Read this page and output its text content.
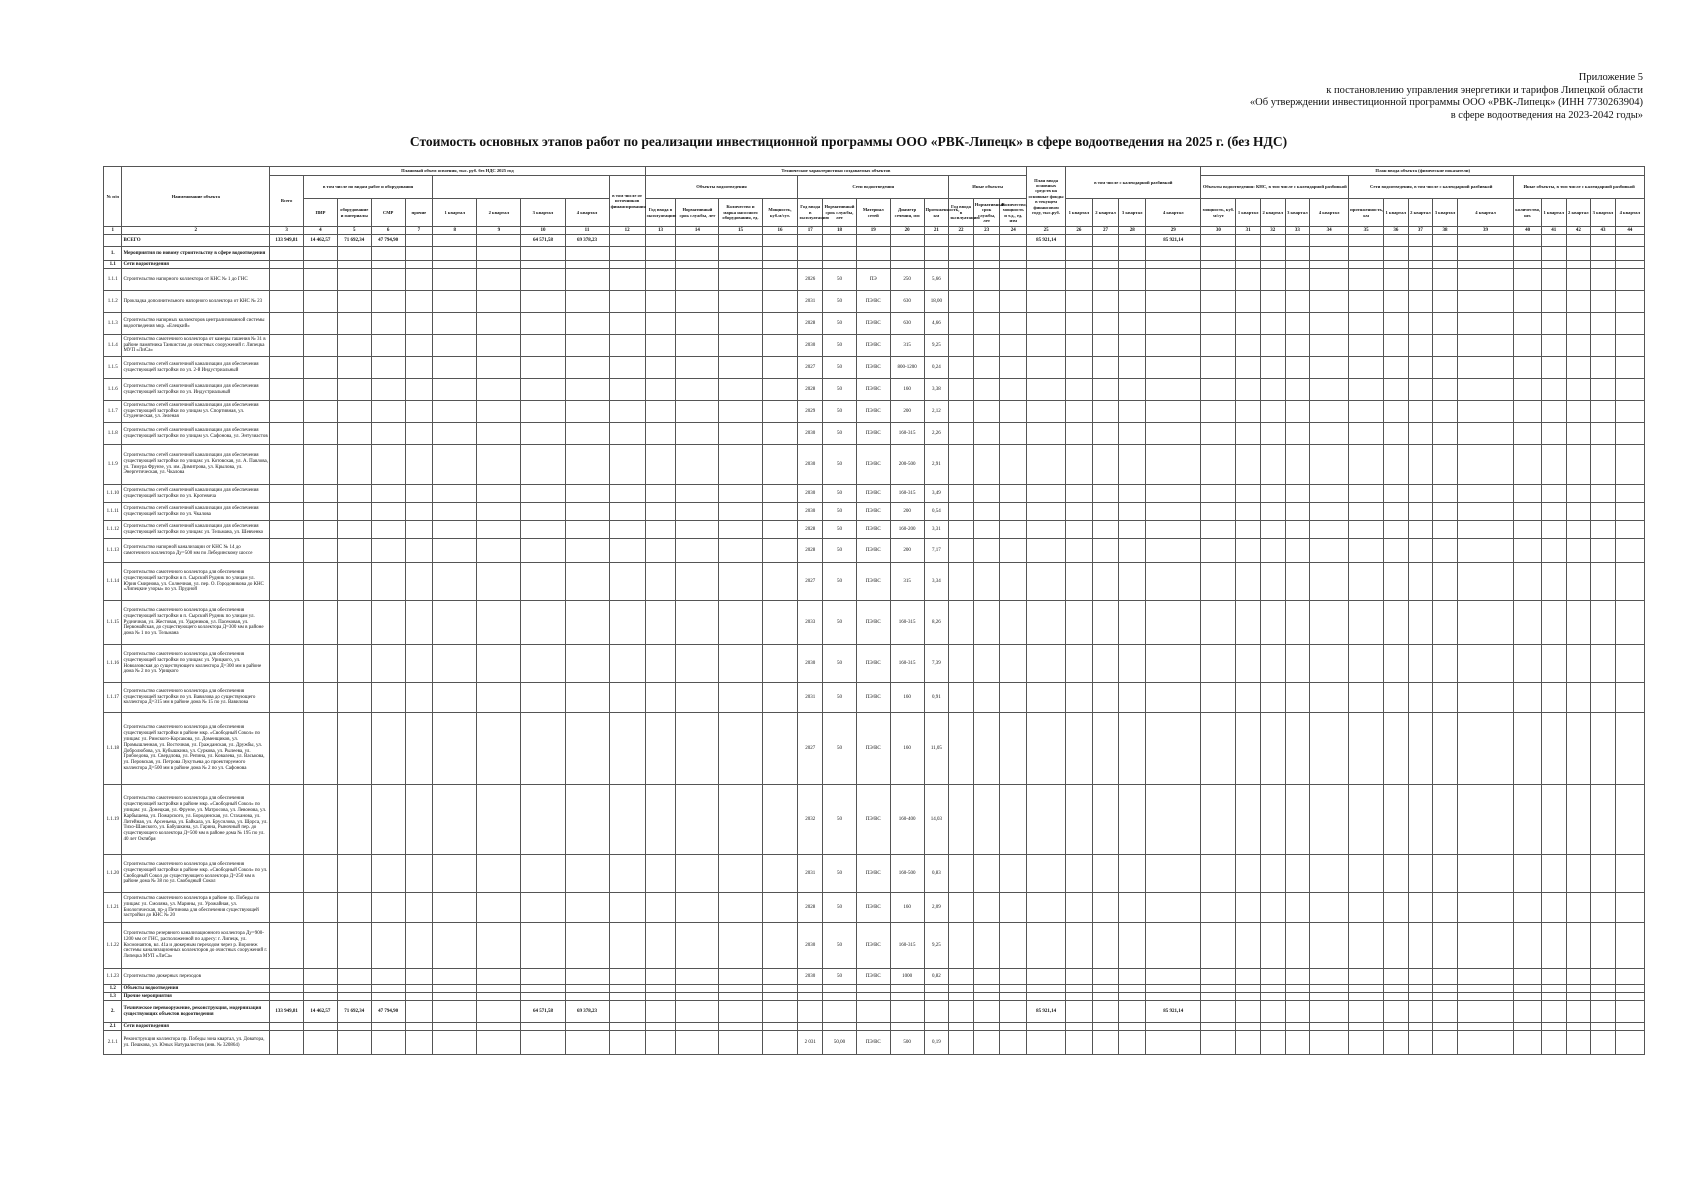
Приложение 5
к постановлению управления энергетики и тарифов Липецкой области
«Об утверждении инвестиционной программы ООО «РВК-Липецк» (ИНН 7730263904)
в сфере водоотведения на 2023-2042 годы»
Стоимость основных этапов работ по реализации инвестиционной программы ООО «РВК-Липецк» в сфере водоотведения на 2025 г. (без НДС)
№ п/п	Наименование объекта	Плановый объем освоения, тыс. руб. без НДС 2025 год										Технические характеристики создаваемых объектов												План ввода основных средств на основные фонды в текущем финансовом году, тыс.руб.	в том числе с календарной разбивкой				План ввода объекта (физические показатели)														
		Всего	в том числе по видам работ и оборудования								в том числе от источников финансирования	Объекты водоотведения				Сети водоотведения					Иные объекты								Объекты водоотведения: КНС, в том числе с календарной разбивкой					Сети водоотведения, в том числе с календарной разбивкой					Иные объекты, в том числе с календарной разбивкой				
			ПИР	оборудование и материалы	СМР	прочие	1 квартал	2 квартал	3 квартал	4 квартал		Год ввода в эксплуатацию	Нормативный срок службы, лет	Количество и марка насосного оборудования, ед.	Мощность, куб.м/сут.	Год ввода в эксплуатацию	Нормативный срок службы, лет	Материал сетей	Диаметр сечения, мм	Протяженность, км	Год ввода в эксплуатацию	Нормативный срок службы, лет	Количество, мощность и т.д., ед. изм		1 квартал	2 квартал	3 квартал	4 квартал	мощность, куб. м/сут	1 квартал	2 квартал	3 квартал	4 квартал	протяженность, км	1 квартал	2 квартал	3 квартал	4 квартал	количество, шт.	1 квартал	2 квартал	3 квартал	4 квартал
1	2	3	4	5	6	7	8	9	10	11	12	13	14	15	16	17	18	19	20	21	22	23	24	25	26	27	28	29	30	31	32	33	34	35	36	37	38	39	40	41	42	43	44
	ВСЕГО	133 949,81	14 462,57	71 692,34	47 794,90				64 571,58	69 378,23														85 921,14				85 921,14															
1.	Мероприятия по новому строительству в сфере водоотведения																																										
1.1	Сети водоотведения																																										
1.1.1	Строительство напорного коллектора от КНС № 1 до ГНС															2026	50	ПЭ	250	5,66																							
1.1.2	Прокладка дополнительного напорного коллектора от КНС № 23															2031	50	ПЭ/ВС	630	18,00																							
1.1.3	Строительство напорных коллекторов централизованной системы водоотведения мкр. «Елецкий»															2028	50	ПЭ/ВС	630	4,66																							
1.1.4	Строительство самотечного коллектора от камеры гашения № 31 в районе памятника Танкистам до очистных сооружений г. Липецка МУП «ЛиСа»															2030	50	ПЭ/ВС	315	9,25																							
1.1.5	Строительство сетей самотечной канализации для обеспечения существующей застройки по ул. 2-й Индустриальный															2027	50	ПЭ/ВС	800-1200	0,24																							
1.1.6	Строительство сетей самотечной канализации для обеспечения существующей застройки по ул. Индустриальный															2028	50	ПЭ/ВС	160	3,38																							
1.1.7	Строительство сетей самотечной канализации для обеспечения существующей застройки по улицам ул. Спортивная, ул. Студенческая, ул. Зеленая															2029	50	ПЭ/ВС	200	2,12																							
1.1.8	Строительство сетей самотечной канализации для обеспечения существующей застройки по улицам ул. Сафонова, ул. Энтузиастов															2030	50	ПЭ/ВС	160-315	2,26																							
1.1.9	Строительство сетей самотечной канализации для обеспечения существующей застройки по улицам: ул. Котовская, ул. А. Павлова, ул. Тимура Фрунзе, ул. им. Димитрова, ул. Крылова, ул. Энергетическая, ул. Чкалова															2030	50	ПЭ/ВС	200-500	2,91																							
1.1.10	Строительство сетей самотечной канализации для обеспечения существующей застройки по ул. Кротевича															2030	50	ПЭ/ВС	160-315	3,49																							
1.1.11	Строительство сетей самотечной канализации для обеспечения существующей застройки по ул. Чкалова															2030	50	ПЭ/ВС	200	0,54																							
1.1.12	Строительство сетей самотечной канализации для обеспечения существующей застройки по улицам: ул. Тельмана, ул. Шевченко															2028	50	ПЭ/ВС	160-200	3,31																							
1.1.13	Строительство напорной канализации от КНС № 14 до самотечного коллектора Ду=500 мм по Лебединскому шоссе															2028	50	ПЭ/ВС	200	7,17																							
1.1.14	Строительство самотечного коллектора для обеспечения существующей застройки в п. Сырский Рудник по улицам ул. Юрия Смирнова, ул. Солнечная, ул. пер. О. Городовикова до КНС «Липецкие узоры» по ул. Прудной															2027	50	ПЭ/ВС	315	3,34																							
1.1.15	Строительство самотечного коллектора для обеспечения существующей застройки в п. Сырский Рудник по улицам ул. Рудничная, ул. Жестовая, ул. Ударников, ул. Пасековая, ул. Первомайская, до существующего коллектора Д=300 мм в районе дома № 1 по ул. Тельмана															2033	50	ПЭ/ВС	160-315	8,26																							
1.1.16	Строительство самотечного коллектора для обеспечения существующей застройки по улицам: ул. Урицкого, ул. Новоазовская до существующего коллектора Д=300 мм в районе дома № 2 по ул. Урицкого															2030	50	ПЭ/ВС	160-315	7,39																							
1.1.17	Строительство самотечного коллектора для обеспечения существующей застройки по ул. Вавилова до существующего коллектора Д=315 мм в районе дома № 15 по ул. Вавилова															2031	50	ПЭ/ВС	160	0,91																							
1.1.18	Строительство самотечного коллектора для обеспечения существующей застройки в районе мкр. «Свободный Сокол» по улицам: ул. Римского-Корсакова, ул. Доменщиков, ул. Промышленная, ул. Восточная, ул. Гражданская, ул. Дружбы, ул. Добролюбова, ул. Кубышкина, ул. Суркова, ул. Рылеева, ул. Грибоедова, ул. Свердлова, ул. Репина, ул. Ковалева, ул. Васькова, ул. Перовская, ул. Петрова Лукутьева до проектируемого коллектора Д=500 мм в районе дома № 2 по ул. Сафонова															2027	50	ПЭ/ВС	160	11,05																							
1.1.19	Строительство самотечного коллектора для обеспечения существующей застройки в районе мкр. «Свободный Сокол» по улицам: ул. Донецкая, ул. Фрунзе, ул. Матросова, ул. Левонова, ул. Карбышева, ул. Пожарского, ул. Бородинская, ул. Стаханова, ул. Литейная, ул. Арсеньева, ул. Байкала, ул. Брусилова, ул. Щорса, ул. Тихо-Шанского, ул. Бабушкина, ул. Гарина, Рыночный пер. до существующего коллектора Д=500 мм в районе дома № 195 по ул. 40 лет Октября															2032	50	ПЭ/ВС	160-400	14,03																							
1.1.20	Строительство самотечного коллектора для обеспечения существующей застройки в районе мкр. «Свободный Сокол» по ул. Свободный Сокол до существующего коллектора Д=250 мм в районе дома № 38 по ул. Свободный Сокол															2031	50	ПЭ/ВС	160-500	0,83																							
1.1.21	Строительство самотечного коллектора в районе пр. Победы по улицам: ул. Смоляна, ул. Марины, ул. Урожайная, ул. Биологическая, пр-д Петинова для обеспечения существующей застройки до КНС № 20															2028	50	ПЭ/ВС	160	2,09																							
1.1.22	Строительство резервного канализационного коллектора Ду=900-1200 мм от ГНС, расположенной по адресу: г. Липецк, ул. Космонавтов, вл. 41а и дюкерным переходом через р. Воронеж системы канализационных коллекторов до очистных сооружений г. Липецка МУП «ЛиСа»															2030	50	ПЭ/ВС	160-315	9,25																							
1.1.23	Строительство дюкерных переходов															2030	50	ПЭ/ВС	1000	0,82																							
1.2	Объекты водоотведения																																										
1.3	Прочие мероприятия																																										
2.	Техническое перевооружение, реконструкция, модернизация существующих объектов водоотведения	133 949,81	14 462,57	71 692,34	47 794,90				64 571,58	69 378,23														85 921,14				85 921,14															
2.1	Сети водоотведения																																										
2.1.1	Реконструкция коллектора пр. Победы зона квартал, ул. Доватора, ул. Пешкова, ул. Юных Натуралистов (инв. № 320864)															2 031	50,00	ПЭ/ВС	500	0,19																							
